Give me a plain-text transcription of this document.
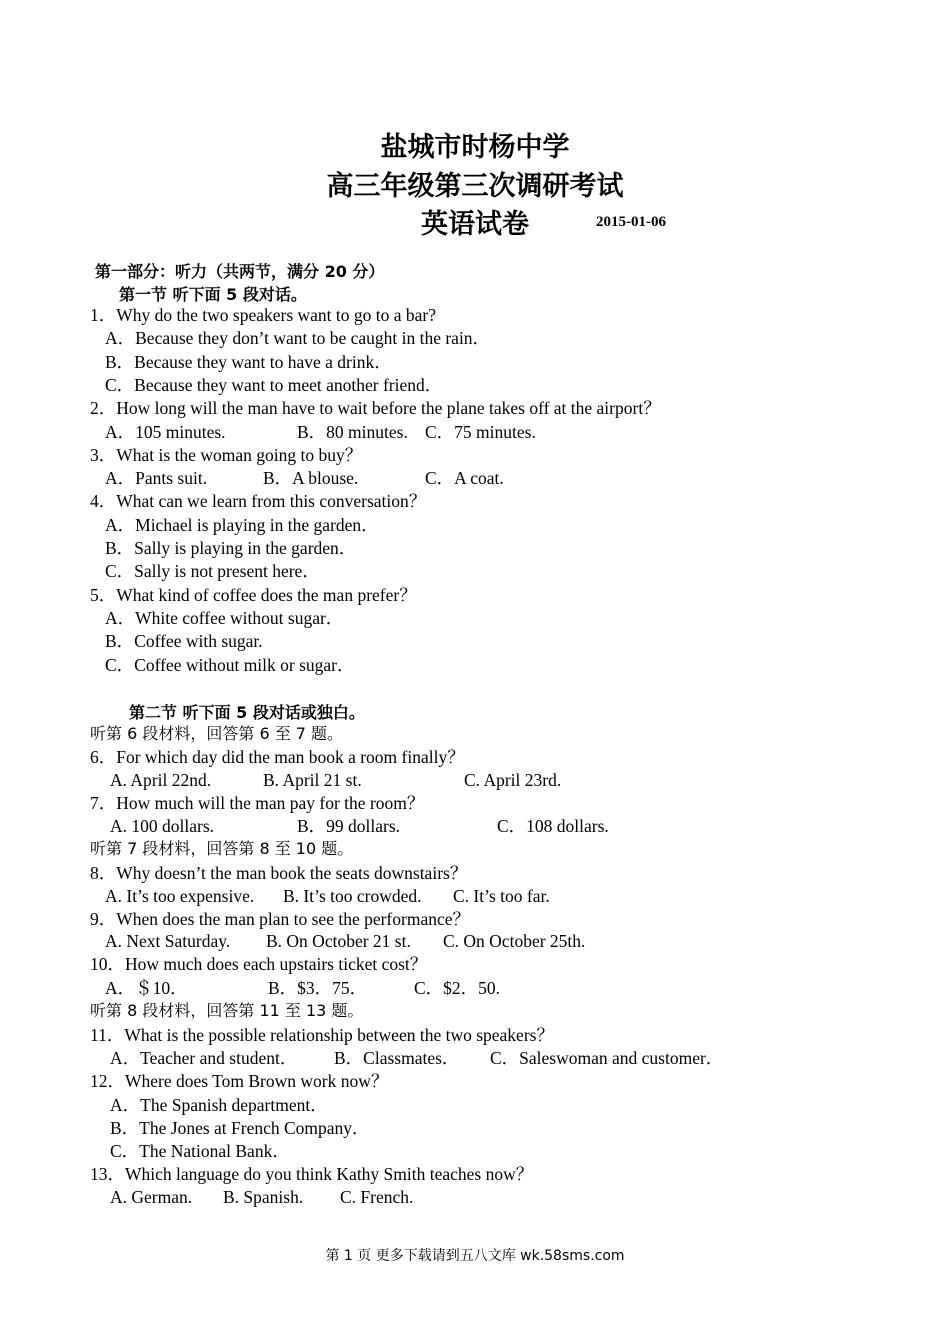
盐城市时杨中学
高三年级第三次调研考试
英语试卷	2015-01-06
第一部分：听力（共两节，满分 20 分）
第一节 听下面 5 段对话。
1．Why do the two speakers want to go to a bar?
A．Because they don’t want to be caught in the rain．
B．Because they want to have a drink．
C．Because they want to meet another friend．
2．How long will the man have to wait before the plane takes off at the airport？
A．105 minutes.	B．80 minutes. C．75 minutes.
3．What is the woman going to buy？
A．Pants suit.	B．A blouse.	C．A coat.
4．What can we learn from this conversation？
A．Michael is playing in the garden．
B．Sally is playing in the garden．
C．Sally is not present here．
5．What kind of coffee does the man prefer？
A．White coffee without sugar．
B．Coffee with sugar.
C．Coffee without milk or sugar．
第二节 听下面 5 段对话或独白。
听第 6 段材料，回答第 6 至 7 题。
6．For which day did the man book a room finally？
A. April 22nd.	B. April 21 st.	C. April 23rd.
7．How much will the man pay for the room？
A. 100 dollars.	B．99 dollars.	C．108 dollars.
听第 7 段材料，回答第 8 至 10 题。
8．Why doesn’t the man book the seats downstairs？
A. It’s too expensive. B. It’s too crowded. C. It’s too far.
9．When does the man plan to see the performance？
A. Next Saturday. B. On October 21 st. C. On October 25th.
10．How much does each upstairs ticket cost？
A．＄10．	B．$3．75．	C．$2．50.
听第 8 段材料，回答第 11 至 13 题。
11．What is the possible relationship between the two speakers？
A．Teacher and student． B．Classmates． C．Saleswoman and customer．
12．Where does Tom Brown work now？
A．The Spanish department．
B．The Jones at French Company．
C．The National Bank．
13．Which language do you think Kathy Smith teaches now？
A. German. B. Spanish. C. French.
第 1 页 更多下载请到五八文库 wk.58sms.com
